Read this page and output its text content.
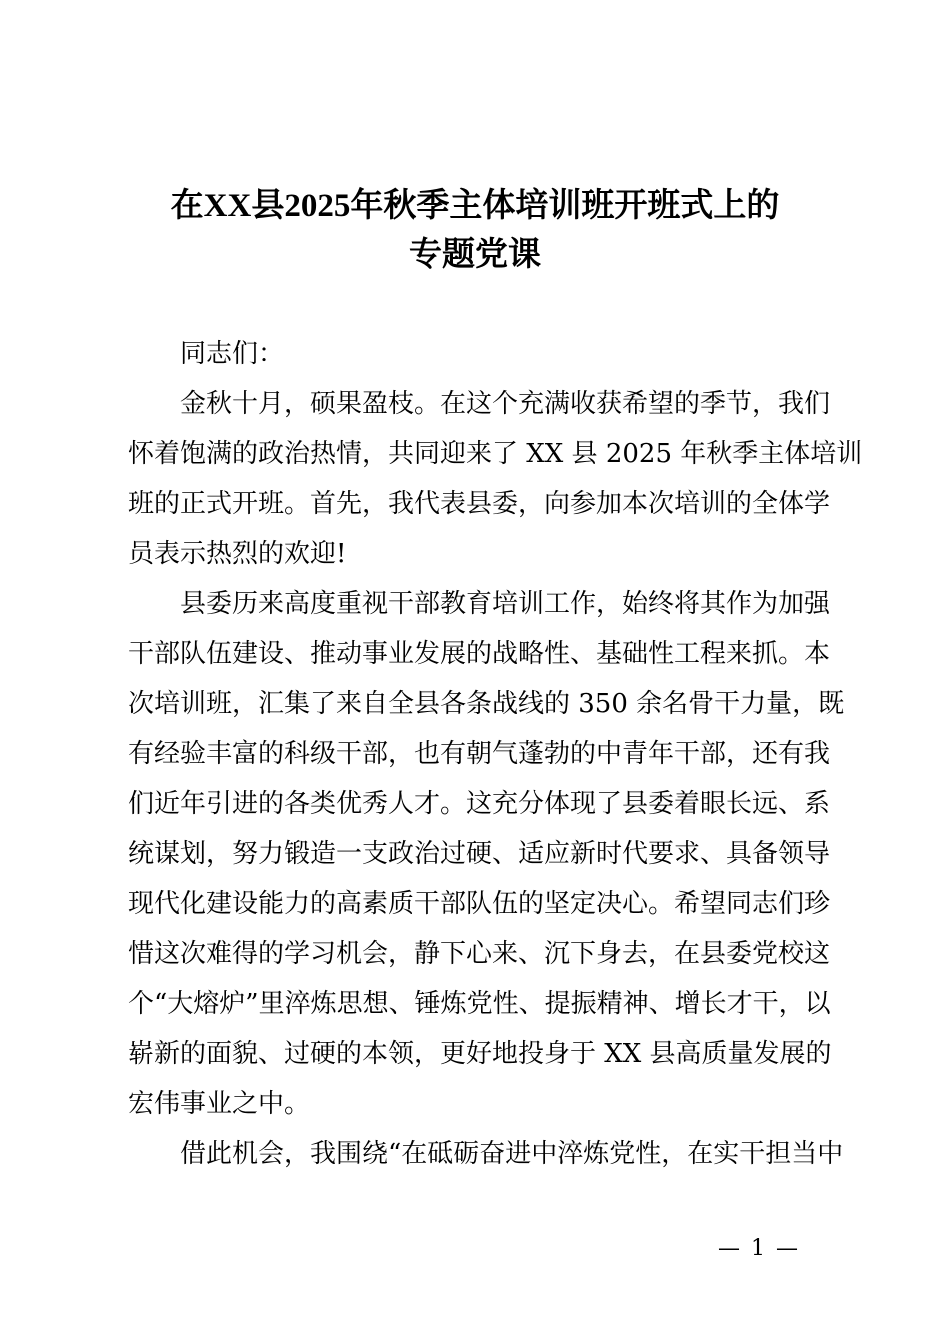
在XX县2025年秋季主体培训班开班式上的
专题党课
同志们：
金秋十月，硕果盈枝。在这个充满收获希望的季节，我们
怀着饱满的政治热情，共同迎来了 XX 县 2025 年秋季主体培训
班的正式开班。首先，我代表县委，向参加本次培训的全体学
员表示热烈的欢迎!
县委历来高度重视干部教育培训工作，始终将其作为加强
干部队伍建设、推动事业发展的战略性、基础性工程来抓。本
次培训班，汇集了来自全县各条战线的 350 余名骨干力量，既
有经验丰富的科级干部，也有朝气蓬勃的中青年干部，还有我
们近年引进的各类优秀人才。这充分体现了县委着眼长远、系
统谋划，努力锻造一支政治过硬、适应新时代要求、具备领导
现代化建设能力的高素质干部队伍的坚定决心。希望同志们珍
惜这次难得的学习机会，静下心来、沉下身去，在县委党校这
个“大熔炉”里淬炼思想、锤炼党性、提振精神、增长才干，以
崭新的面貌、过硬的本领，更好地投身于 XX 县高质量发展的
宏伟事业之中。
借此机会，我围绕“在砥砺奋进中淬炼党性，在实干担当中
— 1 —
